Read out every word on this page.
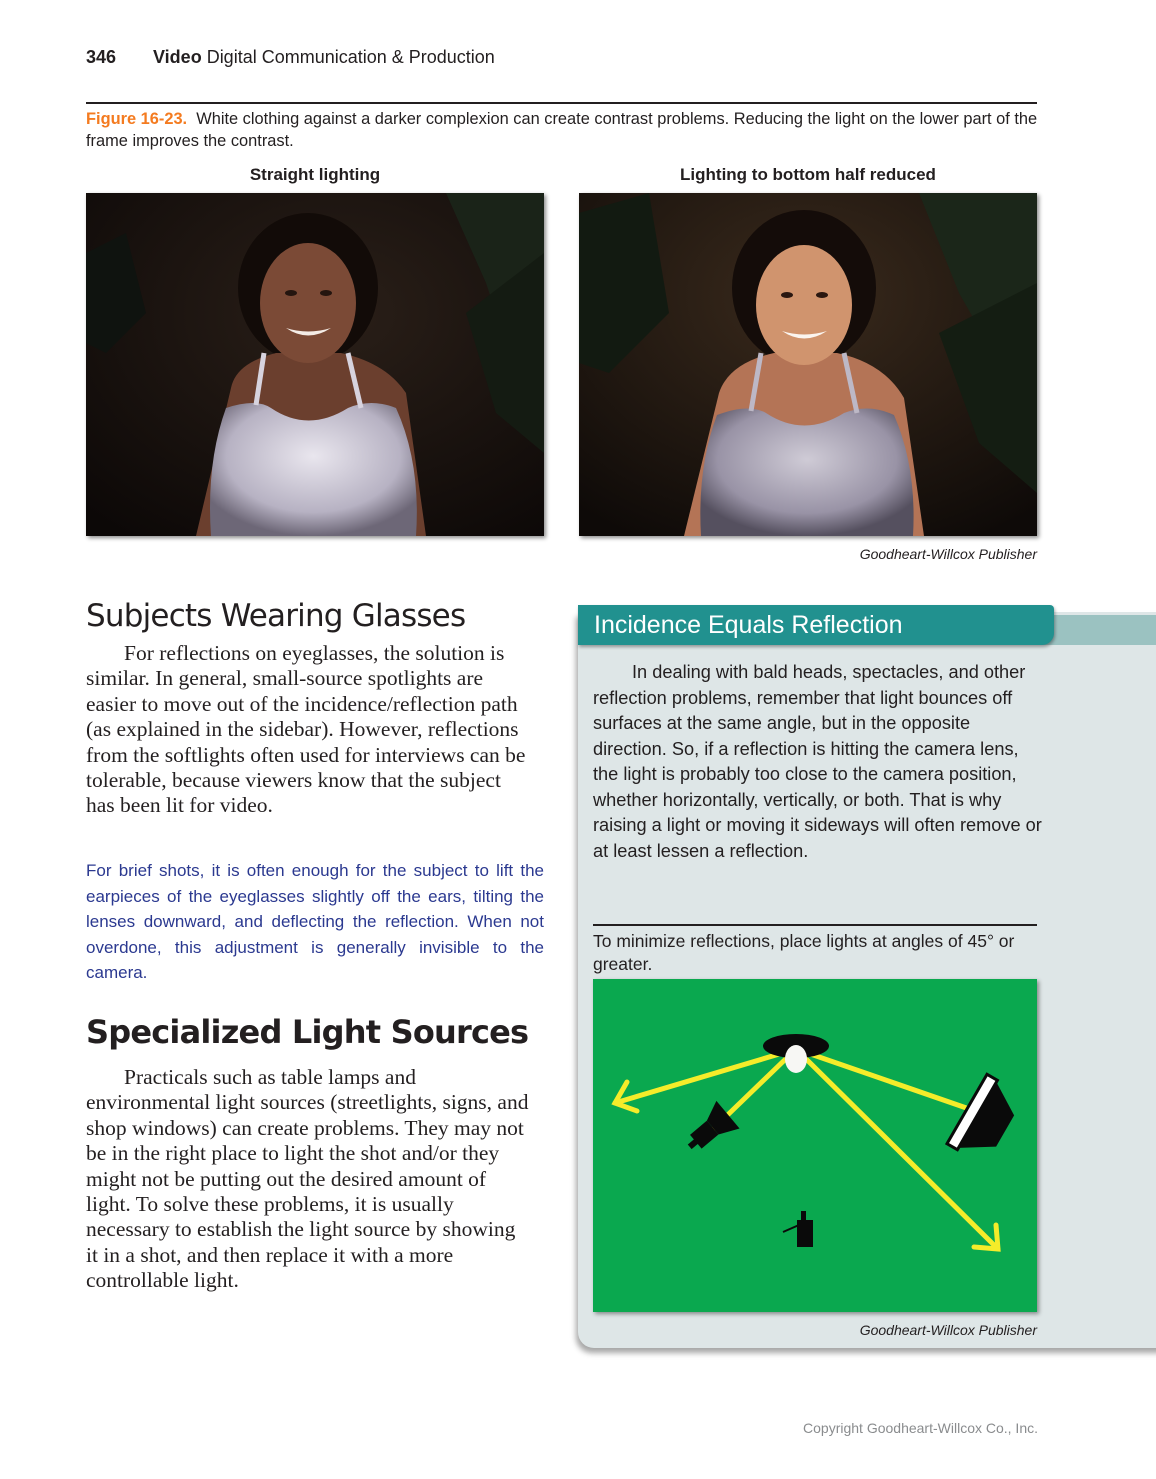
346 Video Digital Communication & Production
Figure 16-23. White clothing against a darker complexion can create contrast problems. Reducing the light on the lower part of the frame improves the contrast.
Straight lighting	Lighting to bottom half reduced
Goodheart-Willcox Publisher
Subjects Wearing Glasses

For reflections on eyeglasses, the solution is similar. In general, small-source spotlights are easier to move out of the incidence/reflection path (as explained in the sidebar). However, reflections from the softlights often used for interviews can be tolerable, because viewers know that the subject has been lit for video.

For brief shots, it is often enough for the subject to lift the earpieces of the eyeglasses slightly off the ears, tilting the lenses downward, and deflecting the reflection. When not overdone, this adjustment is generally invisible to the camera.

Specialized Light Sources

Practicals such as table lamps and environmental light sources (streetlights, signs, and shop windows) can create problems. They may not be in the right place to light the shot and/or they might not be putting out the desired amount of light. To solve these problems, it is usually necessary to establish the light source by showing it in a shot, and then replace it with a more controllable light.

Incidence Equals Reflection

In dealing with bald heads, spectacles, and other reflection problems, remember that light bounces off surfaces at the same angle, but in the opposite direction. So, if a reflection is hitting the camera lens, the light is probably too close to the camera position, whether horizontally, vertically, or both. That is why raising a light or moving it sideways will often remove or at least lessen a reflection.

To minimize reflections, place lights at angles of 45° or greater.
Goodheart-Willcox Publisher
Copyright Goodheart-Willcox Co., Inc.
